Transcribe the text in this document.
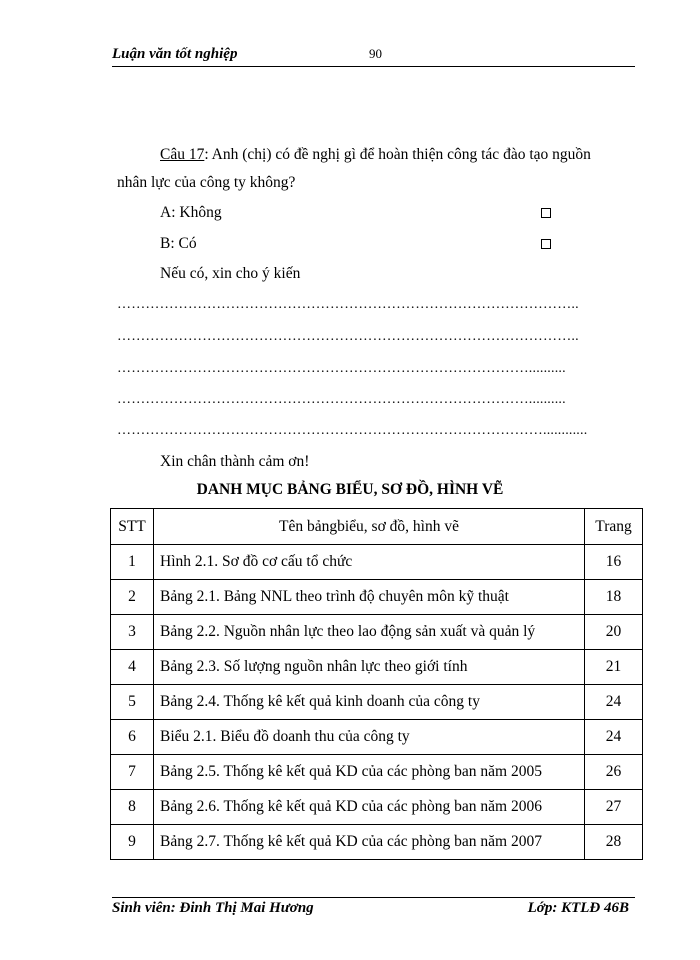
Luận văn tốt nghiệp	90
Câu 17: Anh (chị) có đề nghị gì để hoàn thiện công tác đào tạo nguồn
nhân lực của công ty không?
A: Không
B: Có
Nếu có, xin cho ý kiến
……………………………………………………………………………………..
……………………………………………………………………………………..
……………………………………………………………………………..........
……………………………………………………………………………..........
………………………………………………………………………………............
Xin chân thành cảm ơn!
DANH MỤC BẢNG BIỂU, SƠ ĐỒ, HÌNH VẼ
STT	Tên bảngbiểu, sơ đồ, hình vẽ	Trang
1	Hình 2.1. Sơ đồ cơ cấu tổ chức	16
2	Bảng 2.1. Bảng NNL theo trình độ chuyên môn kỹ thuật	18
3	Bảng 2.2. Nguồn nhân lực theo lao động sản xuất và quản lý	20
4	Bảng 2.3. Số lượng nguồn nhân lực theo giới tính	21
5	Bảng 2.4. Thống kê kết quả kinh doanh của công ty	24
6	Biểu 2.1. Biểu đồ doanh thu của công ty	24
7	Bảng 2.5. Thống kê kết quả KD của các phòng ban năm 2005	26
8	Bảng 2.6. Thống kê kết quả KD của các phòng ban năm 2006	27
9	Bảng 2.7. Thống kê kết quả KD của các phòng ban năm 2007	28
Sinh viên: Đinh Thị Mai Hương	Lớp: KTLĐ 46B
